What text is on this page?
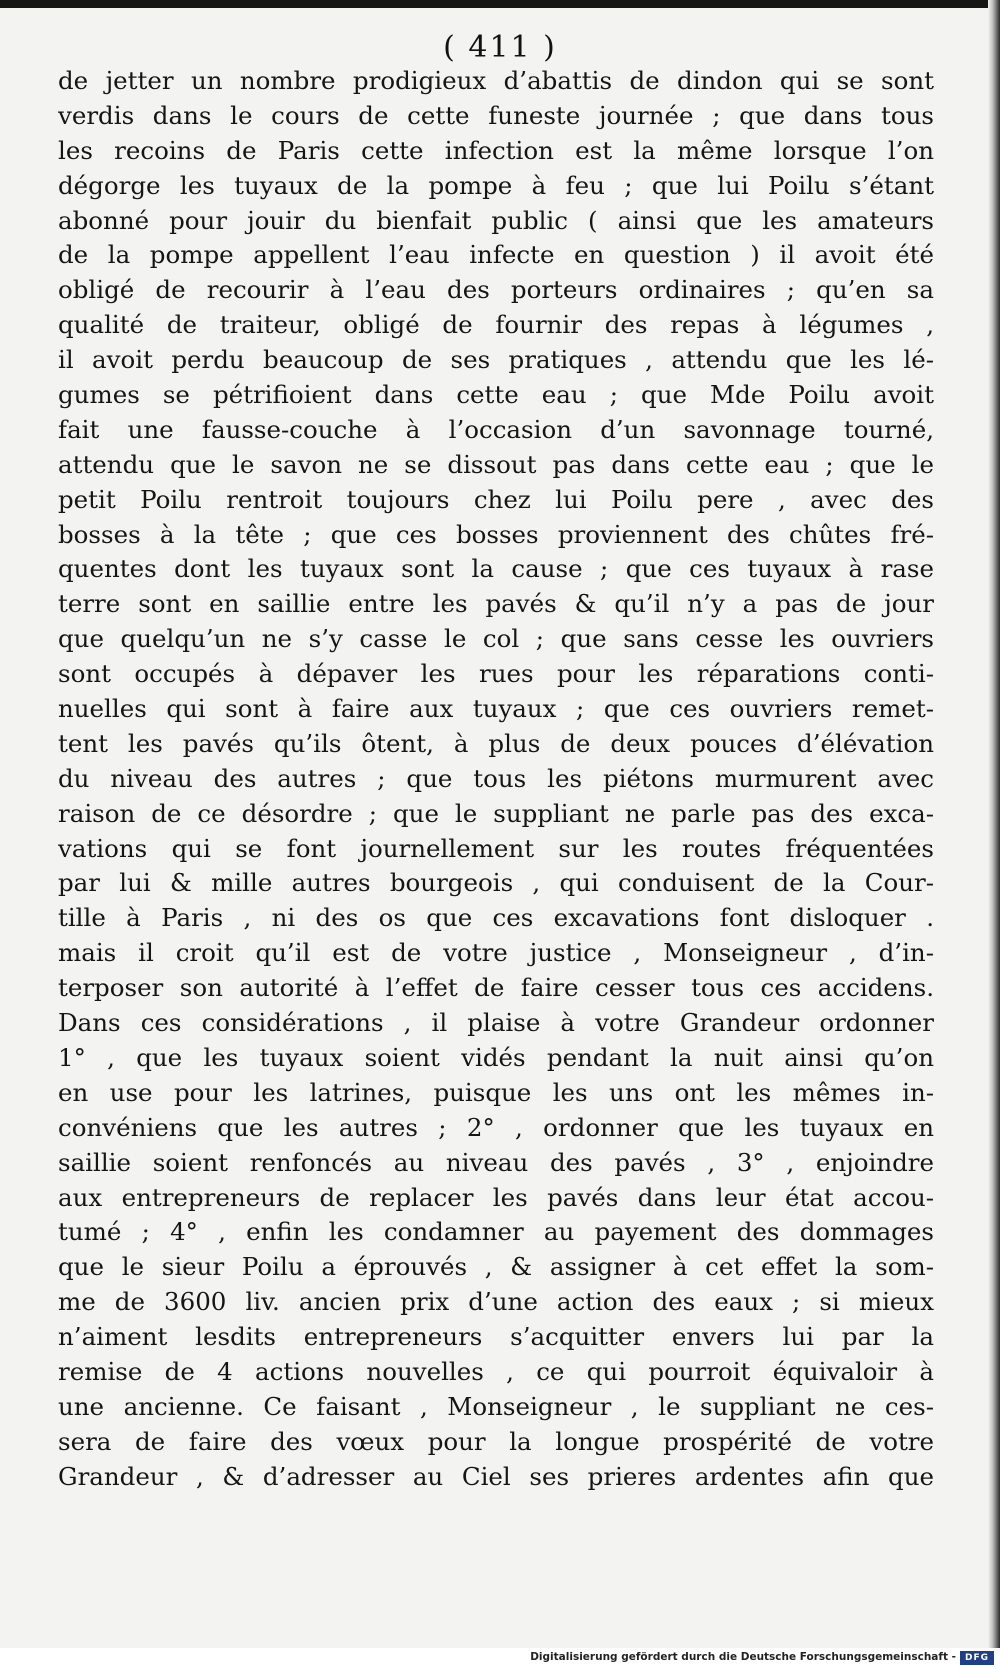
( 411 )
de jetter un nombre prodigieux d’abattis de dindon qui se sont
verdis dans le cours de cette funeste journée ; que dans tous
les recoins de Paris cette infection est la même lorsque l’on
dégorge les tuyaux de la pompe à feu ; que lui Poilu s’étant
abonné pour jouir du bienfait public ( ainsi que les amateurs
de la pompe appellent l’eau infecte en question ) il avoit été
obligé de recourir à l’eau des porteurs ordinaires ; qu’en sa
qualité de traiteur, obligé de fournir des repas à légumes ,
il avoit perdu beaucoup de ses pratiques , attendu que les lé-
gumes se pétrifioient dans cette eau ; que Mde Poilu avoit
fait une fausse-couche à l’occasion d’un savonnage tourné,
attendu que le savon ne se dissout pas dans cette eau ; que le
petit Poilu rentroit toujours chez lui Poilu pere , avec des
bosses à la tête ; que ces bosses proviennent des chûtes fré-
quentes dont les tuyaux sont la cause ; que ces tuyaux à rase
terre sont en saillie entre les pavés & qu’il n’y a pas de jour
que quelqu’un ne s’y casse le col ; que sans cesse les ouvriers
sont occupés à dépaver les rues pour les réparations conti-
nuelles qui sont à faire aux tuyaux ; que ces ouvriers remet-
tent les pavés qu’ils ôtent, à plus de deux pouces d’élévation
du niveau des autres ; que tous les piétons murmurent avec
raison de ce désordre ; que le suppliant ne parle pas des exca-
vations qui se font journellement sur les routes fréquentées
par lui & mille autres bourgeois , qui conduisent de la Cour-
tille à Paris , ni des os que ces excavations font disloquer .
mais il croit qu’il est de votre justice , Monseigneur , d’in-
terposer son autorité à l’effet de faire cesser tous ces accidens.
Dans ces considérations , il plaise à votre Grandeur ordonner
1° , que les tuyaux soient vidés pendant la nuit ainsi qu’on
en use pour les latrines, puisque les uns ont les mêmes in-
convéniens que les autres ; 2° , ordonner que les tuyaux en
saillie soient renfoncés au niveau des pavés , 3° , enjoindre
aux entrepreneurs de replacer les pavés dans leur état accou-
tumé ; 4° , enfin les condamner au payement des dommages
que le sieur Poilu a éprouvés , & assigner à cet effet la som-
me de 3600 liv. ancien prix d’une action des eaux ; si mieux
n’aiment lesdits entrepreneurs s’acquitter envers lui par la
remise de 4 actions nouvelles , ce qui pourroit équivaloir à
une ancienne. Ce faisant , Monseigneur , le suppliant ne ces-
sera de faire des vœux pour la longue prospérité de votre
Grandeur , & d’adresser au Ciel ses prieres ardentes afin que
Digitalisierung gefördert durch die Deutsche Forschungsgemeinschaft - DFG
